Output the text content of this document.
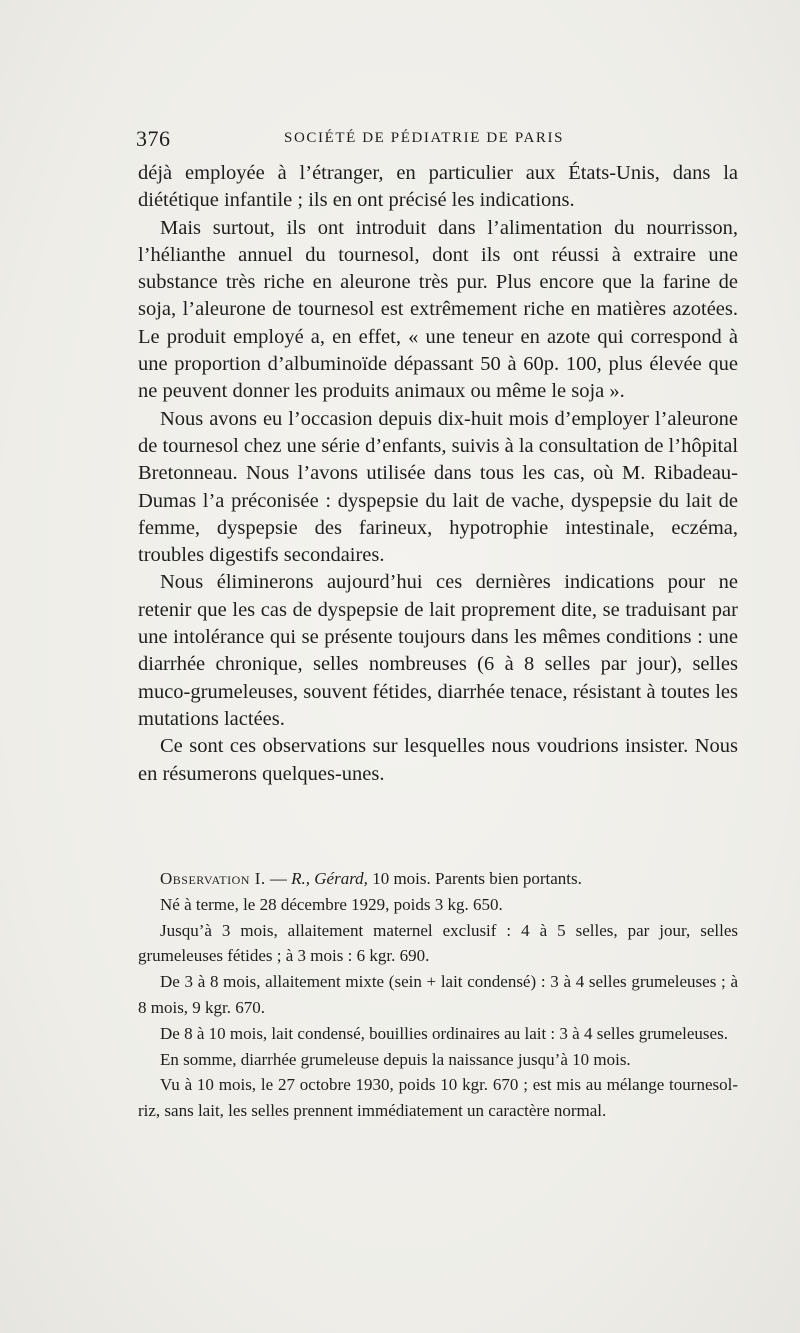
376	SOCIÉTÉ DE PÉDIATRIE DE PARIS

déjà employée à l’étranger, en particulier aux États-Unis, dans la diététique infantile ; ils en ont précisé les indications.

Mais surtout, ils ont introduit dans l’alimentation du nourrisson, l’hélianthe annuel du tournesol, dont ils ont réussi à extraire une substance très riche en aleurone très pur. Plus encore que la farine de soja, l’aleurone de tournesol est extrêmement riche en matières azotées. Le produit employé a, en effet, « une teneur en azote qui correspond à une proportion d’albuminoïde dépassant 50 à 60p. 100, plus élevée que ne peuvent donner les produits animaux ou même le soja ».

Nous avons eu l’occasion depuis dix-huit mois d’employer l’aleurone de tournesol chez une série d’enfants, suivis à la consultation de l’hôpital Bretonneau. Nous l’avons utilisée dans tous les cas, où M. Ribadeau-Dumas l’a préconisée : dyspepsie du lait de vache, dyspepsie du lait de femme, dyspepsie des farineux, hypotrophie intestinale, eczéma, troubles digestifs secondaires.

Nous éliminerons aujourd’hui ces dernières indications pour ne retenir que les cas de dyspepsie de lait proprement dite, se traduisant par une intolérance qui se présente toujours dans les mêmes conditions : une diarrhée chronique, selles nombreuses (6 à 8 selles par jour), selles muco-grumeleuses, souvent fétides, diarrhée tenace, résistant à toutes les mutations lactées.

Ce sont ces observations sur lesquelles nous voudrions insister. Nous en résumerons quelques-unes.

Observation I. — R., Gérard, 10 mois. Parents bien portants.

Né à terme, le 28 décembre 1929, poids 3 kg. 650.

Jusqu’à 3 mois, allaitement maternel exclusif : 4 à 5 selles, par jour, selles grumeleuses fétides ; à 3 mois : 6 kgr. 690.

De 3 à 8 mois, allaitement mixte (sein + lait condensé) : 3 à 4 selles grumeleuses ; à 8 mois, 9 kgr. 670.

De 8 à 10 mois, lait condensé, bouillies ordinaires au lait : 3 à 4 selles grumeleuses.

En somme, diarrhée grumeleuse depuis la naissance jusqu’à 10 mois.

Vu à 10 mois, le 27 octobre 1930, poids 10 kgr. 670 ; est mis au mélange tournesol-riz, sans lait, les selles prennent immédiatement un caractère normal.
